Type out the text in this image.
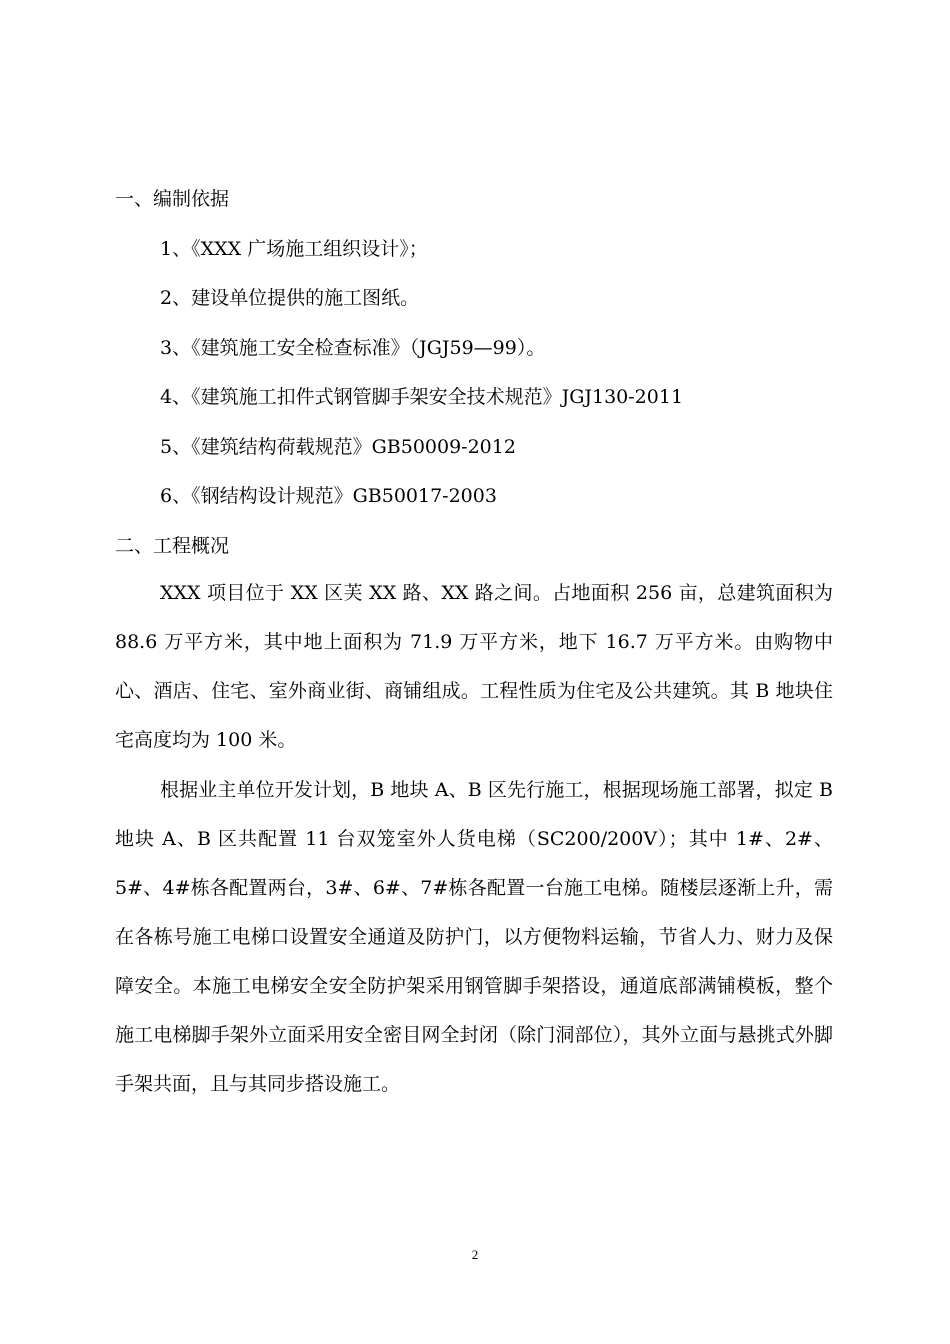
一、编制依据

1、《XXX 广场施工组织设计》；

2、建设单位提供的施工图纸。

3、《建筑施工安全检查标准》（JGJ59—99）。

4、《建筑施工扣件式钢管脚手架安全技术规范》JGJ130-2011

5、《建筑结构荷载规范》GB50009-2012

6、《钢结构设计规范》GB50017-2003

二、工程概况

XXX 项目位于 XX 区芙 XX 路、XX 路之间。占地面积 256 亩，总建筑面积为 88.6 万平方米，其中地上面积为 71.9 万平方米，地下 16.7 万平方米。由购物中心、酒店、住宅、室外商业街、商铺组成。工程性质为住宅及公共建筑。其 B 地块住宅高度均为 100 米。

根据业主单位开发计划，B 地块 A、B 区先行施工，根据现场施工部署，拟定 B 地块 A、B 区共配置 11 台双笼室外人货电梯（SC200/200V）；其中 1#、2#、5#、4#栋各配置两台，3#、6#、7#栋各配置一台施工电梯。随楼层逐渐上升，需在各栋号施工电梯口设置安全通道及防护门，以方便物料运输，节省人力、财力及保障安全。本施工电梯安全安全防护架采用钢管脚手架搭设，通道底部满铺模板，整个施工电梯脚手架外立面采用安全密目网全封闭（除门洞部位），其外立面与悬挑式外脚手架共面，且与其同步搭设施工。

2
